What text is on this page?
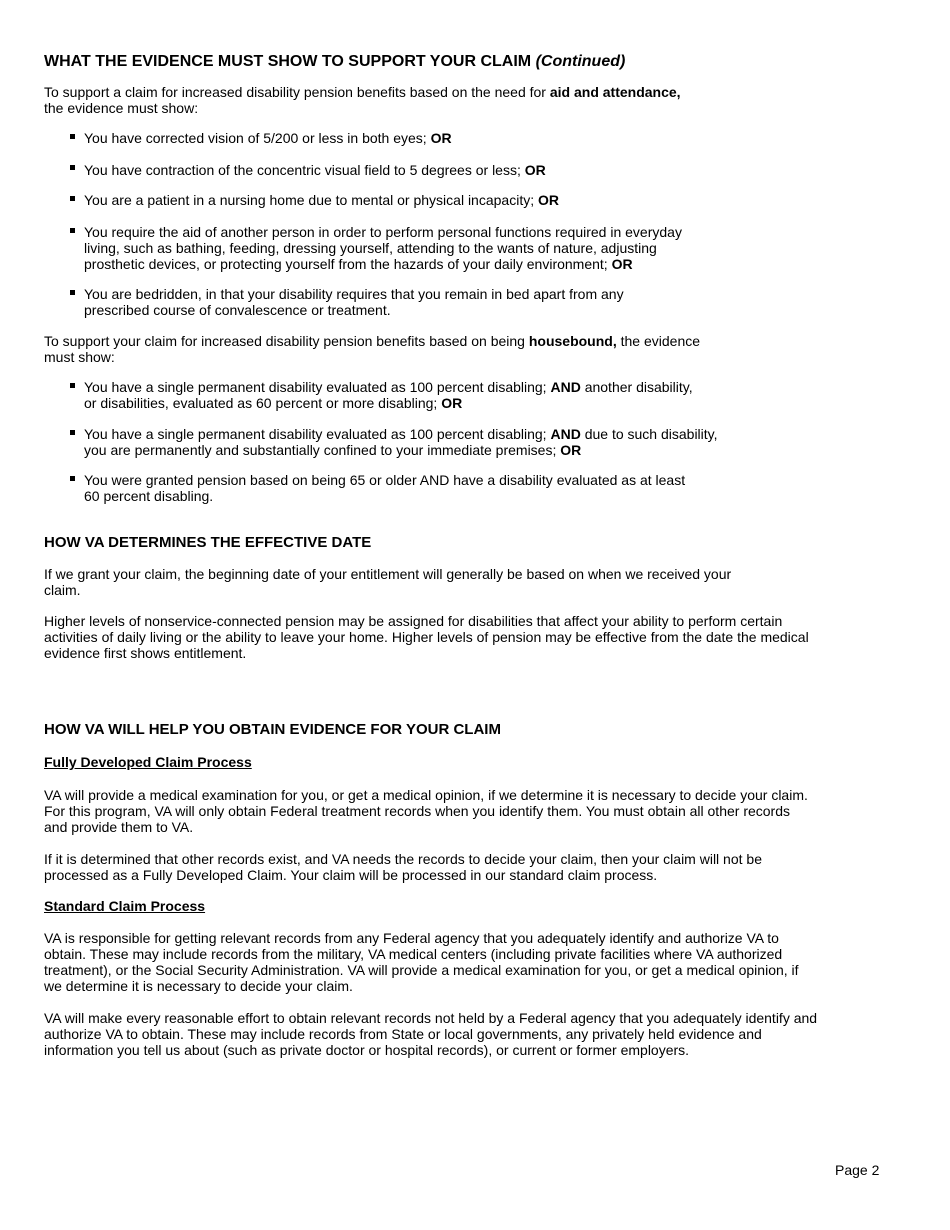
WHAT THE EVIDENCE MUST SHOW TO SUPPORT YOUR CLAIM (Continued)
To support a claim for increased disability pension benefits based on the need for aid and attendance,
the evidence must show:
You have corrected vision of 5/200 or less in both eyes; OR
You have contraction of the concentric visual field to 5 degrees or less; OR
You are a patient in a nursing home due to mental or physical incapacity; OR
You require the aid of another person in order to perform personal functions required in everyday
living, such as bathing, feeding, dressing yourself, attending to the wants of nature, adjusting
prosthetic devices, or protecting yourself from the hazards of your daily environment; OR
You are bedridden, in that your disability requires that you remain in bed apart from any
prescribed course of convalescence or treatment.
To support your claim for increased disability pension benefits based on being housebound, the evidence
must show:
You have a single permanent disability evaluated as 100 percent disabling; AND another disability,
or disabilities, evaluated as 60 percent or more disabling; OR
You have a single permanent disability evaluated as 100 percent disabling; AND due to such disability,
you are permanently and substantially confined to your immediate premises; OR
You were granted pension based on being 65 or older AND have a disability evaluated as at least
60 percent disabling.
HOW VA DETERMINES THE EFFECTIVE DATE
If we grant your claim, the beginning date of your entitlement will generally be based on when we received your
claim.
Higher levels of nonservice-connected pension may be assigned for disabilities that affect your ability to perform certain
activities of daily living or the ability to leave your home. Higher levels of pension may be effective from the date the medical
evidence first shows entitlement.
HOW VA WILL HELP YOU OBTAIN EVIDENCE FOR YOUR CLAIM
Fully Developed Claim Process
VA will provide a medical examination for you, or get a medical opinion, if we determine it is necessary to decide your claim.
For this program, VA will only obtain Federal treatment records when you identify them. You must obtain all other records
and provide them to VA.
If it is determined that other records exist, and VA needs the records to decide your claim, then your claim will not be
processed as a Fully Developed Claim. Your claim will be processed in our standard claim process.
Standard Claim Process
VA is responsible for getting relevant records from any Federal agency that you adequately identify and authorize VA to
obtain. These may include records from the military, VA medical centers (including private facilities where VA authorized
treatment), or the Social Security Administration. VA will provide a medical examination for you, or get a medical opinion, if
we determine it is necessary to decide your claim.
VA will make every reasonable effort to obtain relevant records not held by a Federal agency that you adequately identify and
authorize VA to obtain. These may include records from State or local governments, any privately held evidence and
information you tell us about (such as private doctor or hospital records), or current or former employers.
Page 2
